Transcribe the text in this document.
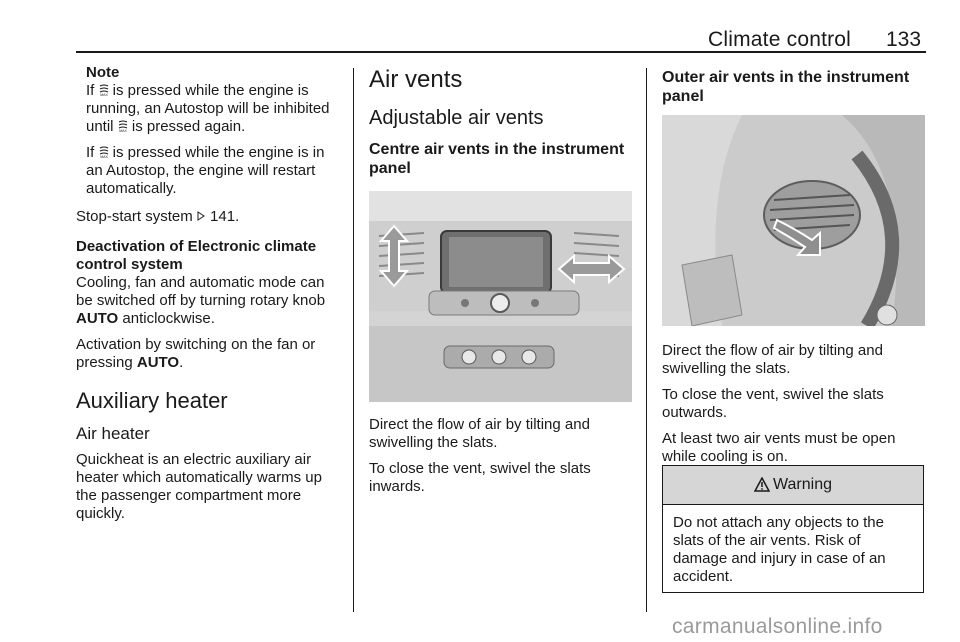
Climate control 133

Note

If MAX is pressed while the engine is running, an Autostop will be inhibited until MAX is pressed again.

If MAX is pressed while the engine is in an Autostop, the engine will restart automatically.

Stop-start system  141.

Deactivation of Electronic climate control system

Cooling, fan and automatic mode can be switched off by turning rotary knob AUTO anticlockwise.

Activation by switching on the fan or pressing AUTO.

Auxiliary heater

Air heater

Quickheat is an electric auxiliary air heater which automatically warms up the passenger compartment more quickly.

Air vents

Adjustable air vents

Centre air vents in the instrument panel

Direct the flow of air by tilting and swivelling the slats.

To close the vent, swivel the slats inwards.

Outer air vents in the instrument panel

Direct the flow of air by tilting and swivelling the slats.

To close the vent, swivel the slats outwards.

At least two air vents must be open while cooling is on.

Warning
Do not attach any objects to the slats of the air vents. Risk of damage and injury in case of an accident.
carmanualsonline.info
